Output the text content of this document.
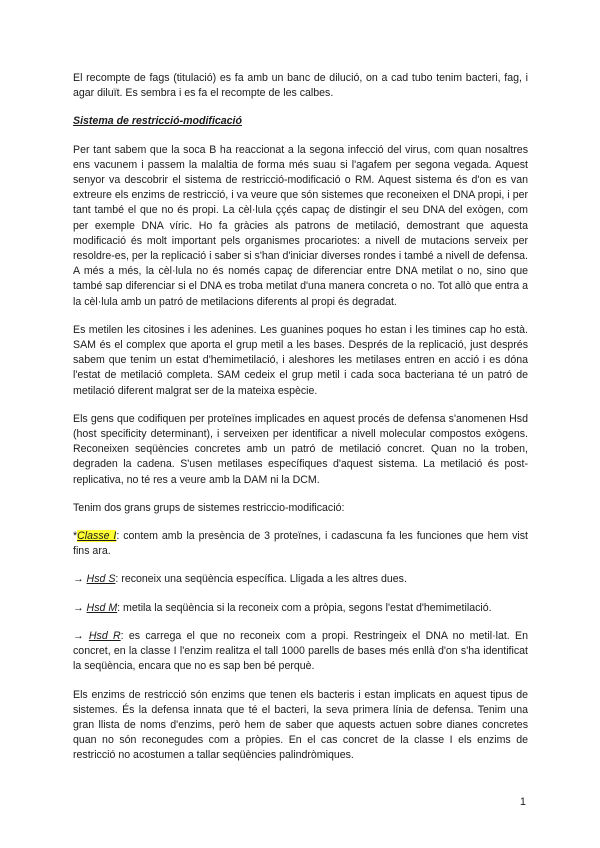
El recompte de fags (titulació) es fa amb un banc de dilució, on a cad tubo tenim bacteri, fag, i agar diluït. Es sembra i es fa el recompte de les calbes.

Sistema de restricció-modificació

Per tant sabem que la soca B ha reaccionat a la segona infecció del virus, com quan nosaltres ens vacunem i passem la malaltia de forma més suau si l'agafem per segona vegada. Aquest senyor va descobrir el sistema de restricció-modificació o RM. Aquest sistema és d'on es van extreure els enzims de restricció, i va veure que són sistemes que reconeixen el DNA propi, i per tant també el que no és propi. La cèl·lula ççés capaç de distingir el seu DNA del exògen, com per exemple DNA víric. Ho fa gràcies als patrons de metilació, demostrant que aquesta modificació és molt important pels organismes procariotes: a nivell de mutacions serveix per resoldre-es, per la replicació i saber si s'han d'iniciar diverses rondes i també a nivell de defensa. A més a més, la cèl·lula no és només capaç de diferenciar entre DNA metilat o no, sino que també sap diferenciar si el DNA es troba metilat d'una manera concreta o no. Tot allò que entra a la cèl·lula amb un patró de metilacions diferents al propi és degradat.

Es metilen les citosines i les adenines. Les guanines poques ho estan i les timines cap ho està. SAM és el complex que aporta el grup metil a les bases. Després de la replicació, just després sabem que tenim un estat d'hemimetilació, i aleshores les metilases entren en acció i es dóna l'estat de metilació completa. SAM cedeix el grup metil i cada soca bacteriana té un patró de metilació diferent malgrat ser de la mateixa espècie.

Els gens que codifiquen per proteïnes implicades en aquest procés de defensa s'anomenen Hsd (host specificity determinant), i serveixen per identificar a nivell molecular compostos exògens. Reconeixen seqüències concretes amb un patró de metilació concret. Quan no la troben, degraden la cadena. S'usen metilases específiques d'aquest sistema. La metilació és post-replicativa, no té res a veure amb la DAM ni la DCM.

Tenim dos grans grups de sistemes restriccio-modificació:

*Classe I: contem amb la presència de 3 proteïnes, i cadascuna fa les funciones que hem vist fins ara.

→ Hsd S: reconeix una seqüència específica. Lligada a les altres dues.

→ Hsd M: metila la seqüència si la reconeix com a pròpia, segons l'estat d'hemimetilació.

→ Hsd R: es carrega el que no reconeix com a propi. Restringeix el DNA no metil·lat. En concret, en la classe I l'enzim realitza el tall 1000 parells de bases més enllà d'on s'ha identificat la seqüència, encara que no es sap ben bé perquè.

Els enzims de restricció són enzims que tenen els bacteris i estan implicats en aquest tipus de sistemes. És la defensa innata que té el bacteri, la seva primera línia de defensa. Tenim una gran llista de noms d'enzims, però hem de saber que aquests actuen sobre dianes concretes quan no són reconegudes com a pròpies. En el cas concret de la classe I els enzims de restricció no acostumen a tallar seqüències palindròmiques.

1
